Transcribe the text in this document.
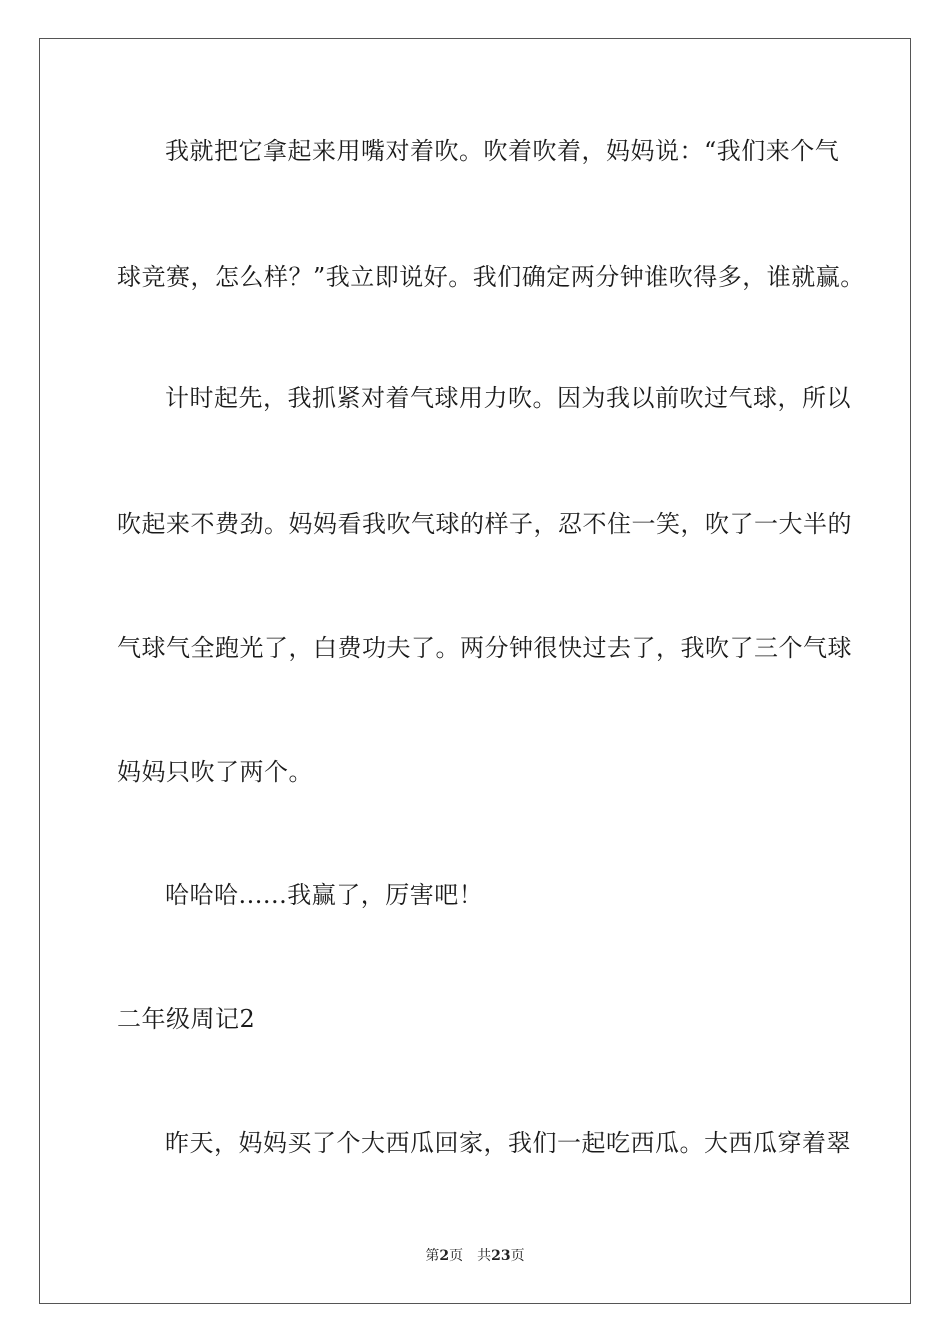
我就把它拿起来用嘴对着吹。吹着吹着，妈妈说：“我们来个气
球竞赛，怎么样？”我立即说好。我们确定两分钟谁吹得多，谁就赢。
计时起先，我抓紧对着气球用力吹。因为我以前吹过气球，所以
吹起来不费劲。妈妈看我吹气球的样子，忍不住一笑，吹了一大半的
气球气全跑光了，白费功夫了。两分钟很快过去了，我吹了三个气球
妈妈只吹了两个。
哈哈哈......我赢了，厉害吧！
二年级周记2
昨天，妈妈买了个大西瓜回家，我们一起吃西瓜。大西瓜穿着翠
第2页 共23页
